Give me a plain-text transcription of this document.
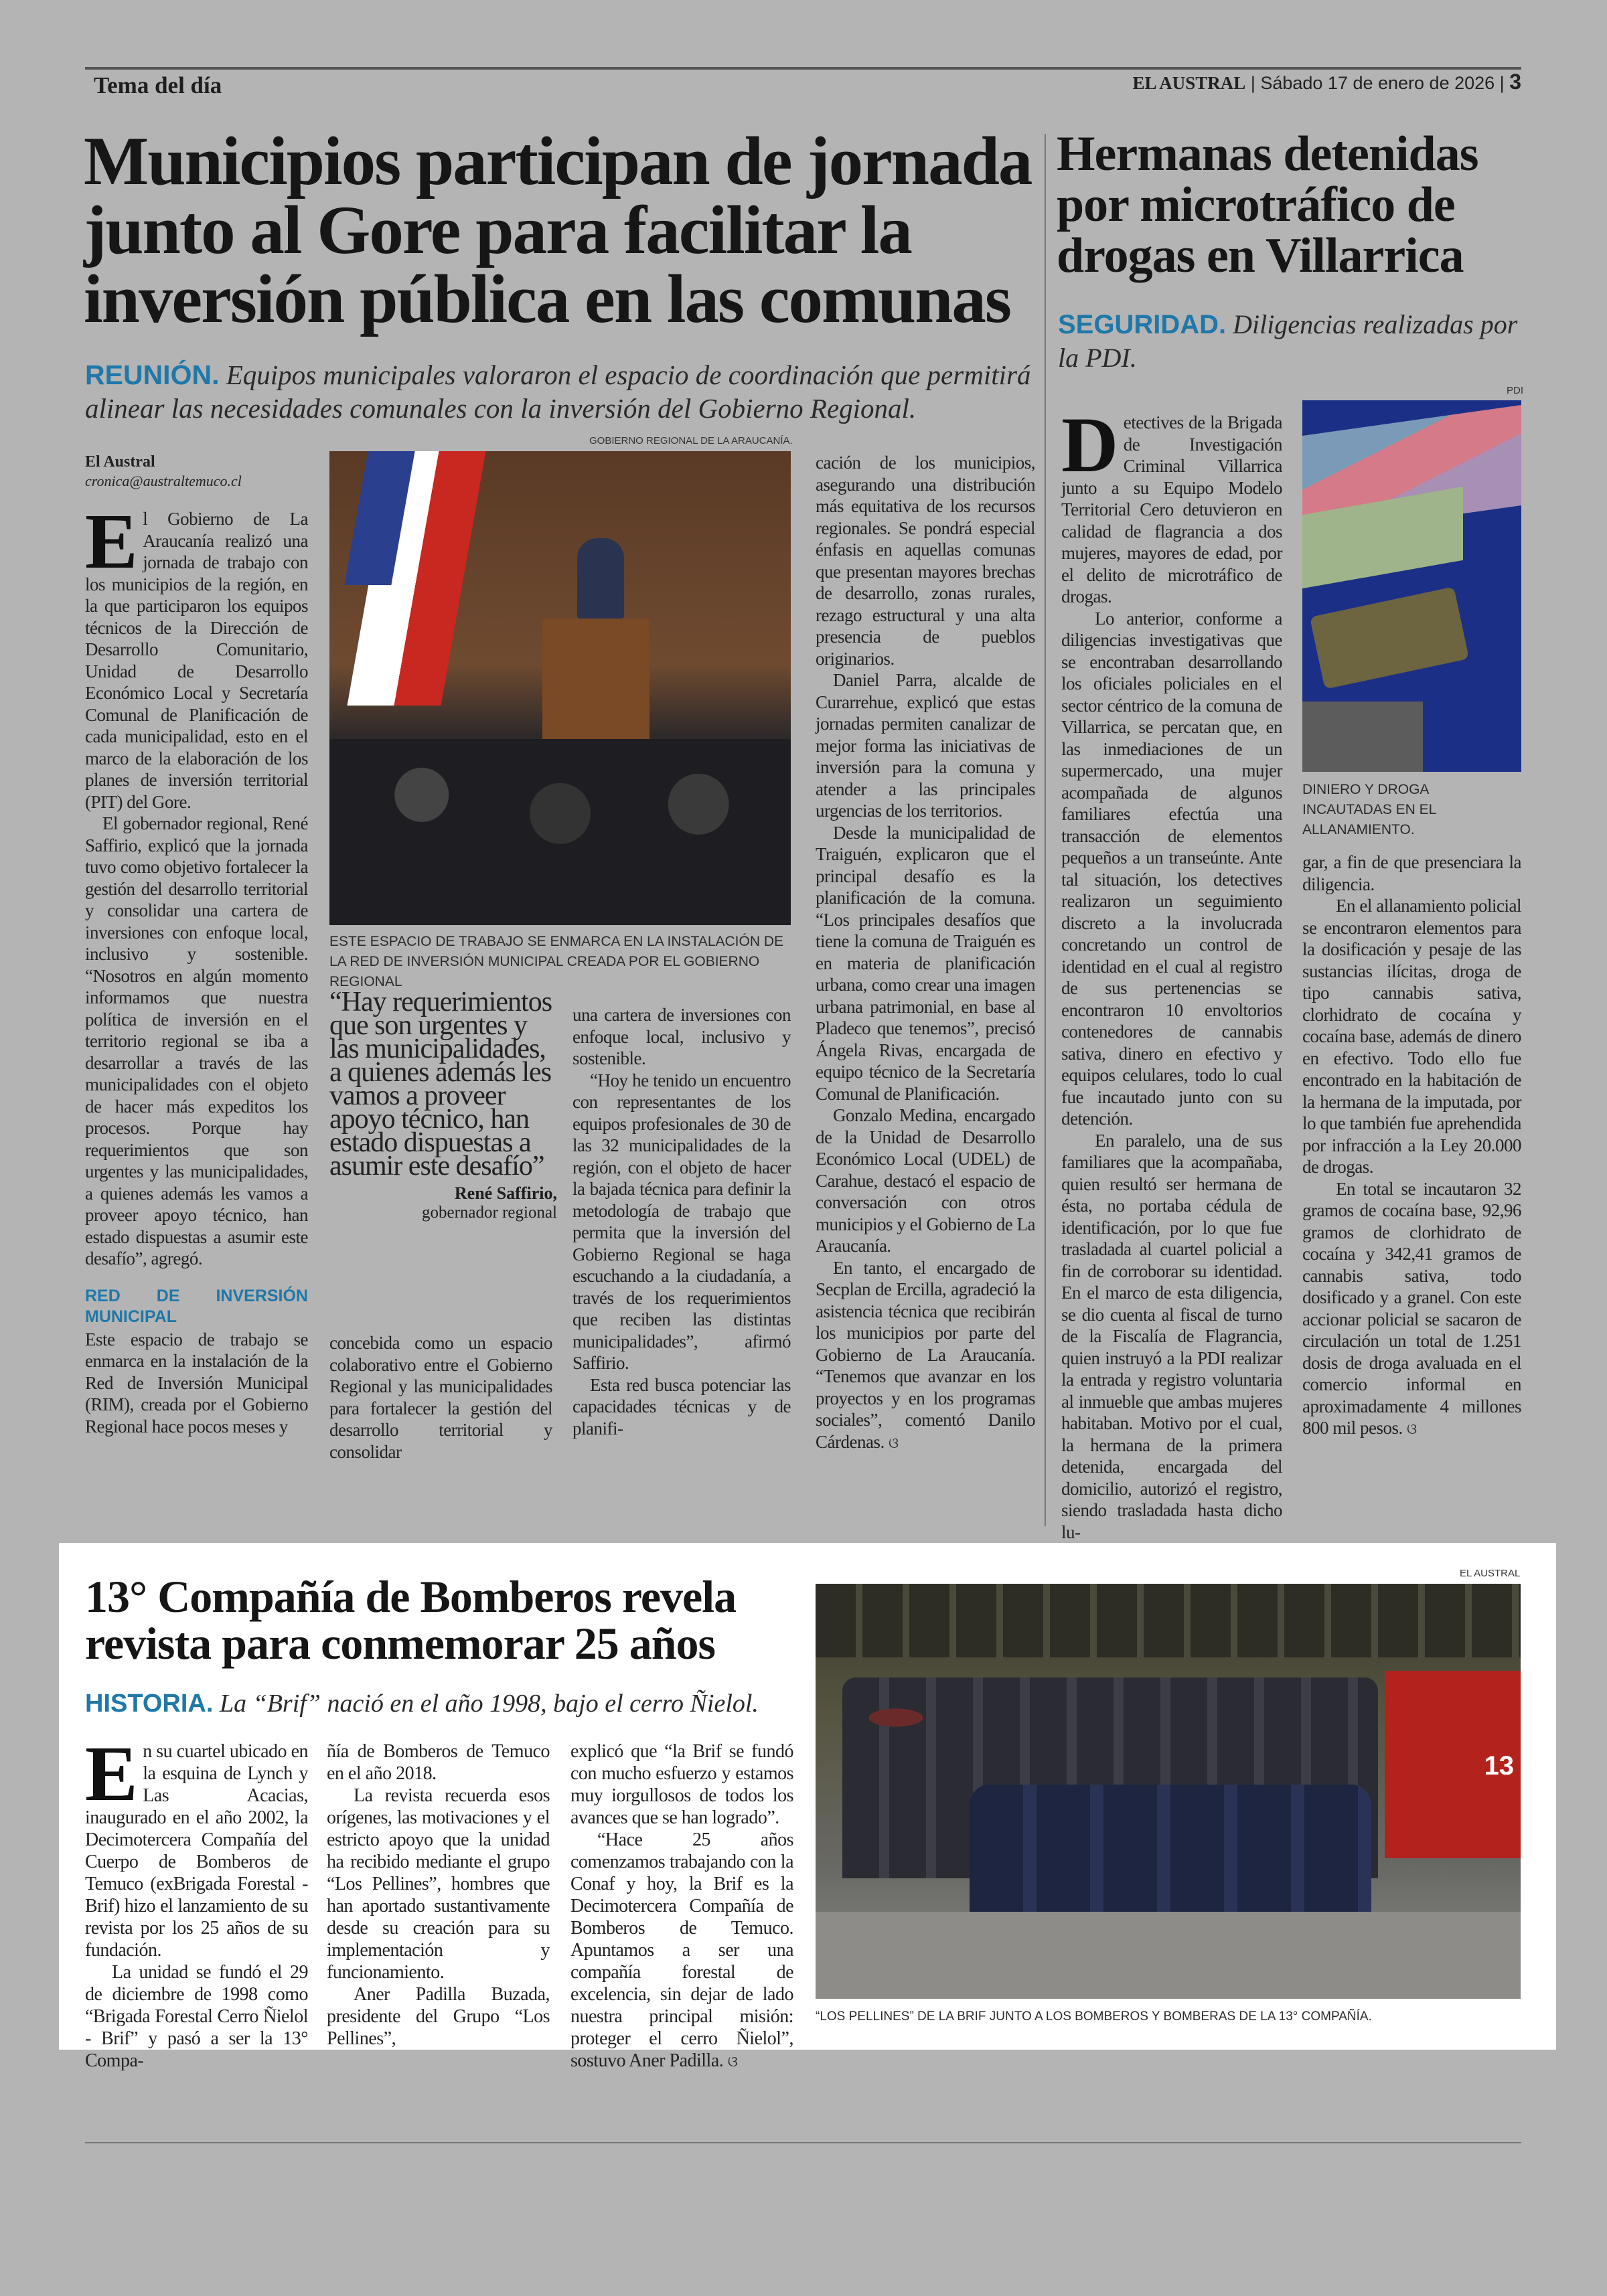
Tema del día	EL AUSTRAL | Sábado 17 de enero de 2026 | 3
Municipios participan de jornada junto al Gore para facilitar la inversión pública en las comunas
REUNIÓN. Equipos municipales valoraron el espacio de coordinación que permitirá alinear las necesidades comunales con la inversión del Gobierno Regional.
El Austral
cronica@australtemuco.cl

El Gobierno de La Araucanía realizó una jornada de trabajo con los municipios de la región, en la que participaron los equipos técnicos de la Dirección de Desarrollo Comunitario, Unidad de Desarrollo Económico Local y Secretaría Comunal de Planificación de cada municipalidad, esto en el marco de la elaboración de los planes de inversión territorial (PIT) del Gore.

El gobernador regional, René Saffirio, explicó que la jornada tuvo como objetivo fortalecer la gestión del desarrollo territorial y consolidar una cartera de inversiones con enfoque local, inclusivo y sostenible. “Nosotros en algún momento informamos que nuestra política de inversión en el territorio regional se iba a desarrollar a través de las municipalidades con el objeto de hacer más expeditos los procesos. Porque hay requerimientos que son urgentes y las municipalidades, a quienes además les vamos a proveer apoyo técnico, han estado dispuestas a asumir este desafío”, agregó.

RED DE INVERSIÓN MUNICIPAL

Este espacio de trabajo se enmarca en la instalación de la Red de Inversión Municipal (RIM), creada por el Gobierno Regional hace pocos meses y

GOBIERNO REGIONAL DE LA ARAUCANÍA.
ESTE ESPACIO DE TRABAJO SE ENMARCA EN LA INSTALACIÓN DE LA RED DE INVERSIÓN MUNICIPAL CREADA POR EL GOBIERNO REGIONAL
“Hay requerimientos que son urgentes y las municipalidades, a quienes además les vamos a proveer apoyo técnico, han estado dispuestas a asumir este desafío”
René Saffirio,
gobernador regional

concebida como un espacio colaborativo entre el Gobierno Regional y las municipalidades para fortalecer la gestión del desarrollo territorial y consolidar

una cartera de inversiones con enfoque local, inclusivo y sostenible.

“Hoy he tenido un encuentro con representantes de los equipos profesionales de 30 de las 32 municipalidades de la región, con el objeto de hacer la bajada técnica para definir la metodología de trabajo que permita que la inversión del Gobierno Regional se haga escuchando a la ciudadanía, a través de los requerimientos que reciben las distintas municipalidades”, afirmó Saffirio.

Esta red busca potenciar las capacidades técnicas y de planifi-

cación de los municipios, asegurando una distribución más equitativa de los recursos regionales. Se pondrá especial énfasis en aquellas comunas que presentan mayores brechas de desarrollo, zonas rurales, rezago estructural y una alta presencia de pueblos originarios.

Daniel Parra, alcalde de Curarrehue, explicó que estas jornadas permiten canalizar de mejor forma las iniciativas de inversión para la comuna y atender a las principales urgencias de los territorios.

Desde la municipalidad de Traiguén, explicaron que el principal desafío es la planificación de la comuna. “Los principales desafíos que tiene la comuna de Traiguén es en materia de planificación urbana, como crear una imagen urbana patrimonial, en base al Pladeco que tenemos”, precisó Ángela Rivas, encargada de equipo técnico de la Secretaría Comunal de Planificación.

Gonzalo Medina, encargado de la Unidad de Desarrollo Económico Local (UDEL) de Carahue, destacó el espacio de conversación con otros municipios y el Gobierno de La Araucanía.

En tanto, el encargado de Secplan de Ercilla, agradeció la asistencia técnica que recibirán los municipios por parte del Gobierno de La Araucanía. “Tenemos que avanzar en los proyectos y en los programas sociales”, comentó Danilo Cárdenas. ଓ

Hermanas detenidas por microtráfico de drogas en Villarrica
SEGURIDAD. Diligencias realizadas por la PDI.

Detectives de la Brigada de Investigación Criminal Villarrica junto a su Equipo Modelo Territorial Cero detuvieron en calidad de flagrancia a dos mujeres, mayores de edad, por el delito de microtráfico de drogas.

Lo anterior, conforme a diligencias investigativas que se encontraban desarrollando los oficiales policiales en el sector céntrico de la comuna de Villarrica, se percatan que, en las inmediaciones de un supermercado, una mujer acompañada de algunos familiares efectúa una transacción de elementos pequeños a un transeúnte. Ante tal situación, los detectives realizaron un seguimiento discreto a la involucrada concretando un control de identidad en el cual al registro de sus pertenencias se encontraron 10 envoltorios contenedores de cannabis sativa, dinero en efectivo y equipos celulares, todo lo cual fue incautado junto con su detención.

En paralelo, una de sus familiares que la acompañaba, quien resultó ser hermana de ésta, no portaba cédula de identificación, por lo que fue trasladada al cuartel policial a fin de corroborar su identidad. En el marco de esta diligencia, se dio cuenta al fiscal de turno de la Fiscalía de Flagrancia, quien instruyó a la PDI realizar la entrada y registro voluntaria al inmueble que ambas mujeres habitaban. Motivo por el cual, la hermana de la primera detenida, encargada del domicilio, autorizó el registro, siendo trasladada hasta dicho lu-

PDI
DINIERO Y DROGA INCAUTADAS EN EL ALLANAMIENTO.

gar, a fin de que presenciara la diligencia.

En el allanamiento policial se encontraron elementos para la dosificación y pesaje de las sustancias ilícitas, droga de tipo cannabis sativa, clorhidrato de cocaína y cocaína base, además de dinero en efectivo. Todo ello fue encontrado en la habitación de la hermana de la imputada, por lo que también fue aprehendida por infracción a la Ley 20.000 de drogas.

En total se incautaron 32 gramos de cocaína base, 92,96 gramos de clorhidrato de cocaína y 342,41 gramos de cannabis sativa, todo dosificado y a granel. Con este accionar policial se sacaron de circulación un total de 1.251 dosis de droga avaluada en el comercio informal en aproximadamente 4 millones 800 mil pesos. ଓ

13° Compañía de Bomberos revela revista para conmemorar 25 años
HISTORIA. La “Brif” nació en el año 1998, bajo el cerro Ñielol.

En su cuartel ubicado en la esquina de Lynch y Las Acacias, inaugurado en el año 2002, la Decimotercera Compañía del Cuerpo de Bomberos de Temuco (exBrigada Forestal - Brif) hizo el lanzamiento de su revista por los 25 años de su fundación.

La unidad se fundó el 29 de diciembre de 1998 como “Brigada Forestal Cerro Ñielol - Brif” y pasó a ser la 13° Compa-

ñía de Bomberos de Temuco en el año 2018.

La revista recuerda esos orígenes, las motivaciones y el estricto apoyo que la unidad ha recibido mediante el grupo “Los Pellines”, hombres que han aportado sustantivamente desde su creación para su implementación y funcionamiento.

Aner Padilla Buzada, presidente del Grupo “Los Pellines”,

explicó que “la Brif se fundó con mucho esfuerzo y estamos muy iorgullosos de todos los avances que se han logrado”.

“Hace 25 años comenzamos trabajando con la Conaf y hoy, la Brif es la Decimotercera Compañía de Bomberos de Temuco. Apuntamos a ser una compañía forestal de excelencia, sin dejar de lado nuestra principal misión: proteger el cerro Ñielol”, sostuvo Aner Padilla. ଓ

EL AUSTRAL
13
“LOS PELLINES” DE LA BRIF JUNTO A LOS BOMBEROS Y BOMBERAS DE LA 13° COMPAÑÍA.
